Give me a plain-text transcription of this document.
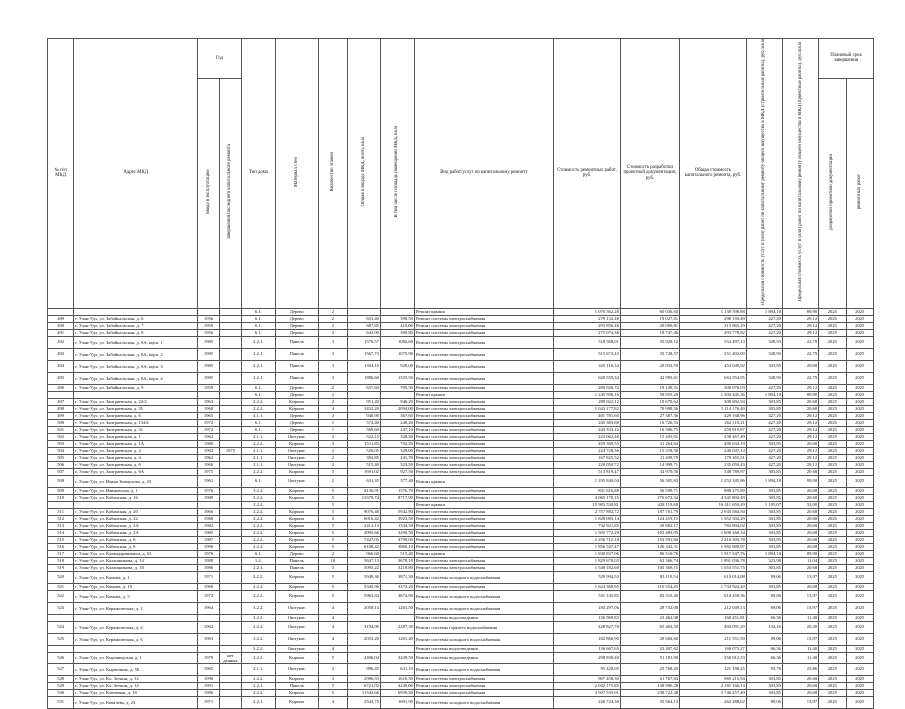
№ п/п МКД	Адрес МКД	Год		Тип дома	Материал стен	Количество этажей	Общая площадь МКД, всего, кв.м	В том числе площадь помещений МКД, кв.м	Вид работ/услуг по капитальному ремонту	Стоимость ремонтных работ, руб.	Стоимость разработки проектной документации, руб.	Общая стоимость капитального ремонта, руб.	Предельная стоимость услуг и (или) работ по капитальному ремонту общего имущества в МКД (строительные работы), руб./кв.м	Предельная стоимость услуг и (или) работ по капитальному ремонту общего имущества в МКД (проектные работы), руб./кв.м	Плановый срок завершения	
		ввода в эксплуатацию	завершения последнего капитального ремонта												разработки проектной документации	ремонтных работ
				6.1.	Дерево	2			Ремонт крыши	1 070 562,28	60 036,60	1 130 598,88	1 894,10	89,90	2025	2025
489	г. Улан-Удэ, ул. Забайкальская, д. 6	1956		6.1.	Дерево	2	653,40	398,50	Ремонт системы электроснабжения	279 132,48	19 027,01	298 159,49	427,20	29,12	2025	2025
490	г. Улан-Удэ, ул. Забайкальская, д. 7	1959		6.1.	Дерево	2	687,85	410,00	Ремонт системы электроснабжения	293 856,48	20 000,81	313 865,29	427,20	29,12	2025	2025
491	г. Улан-Удэ, ул. Забайкальская, д. 8	1956		6.1.	Дерево	2	643,90	390,80	Ремонт системы электроснабжения	275 074,36	18 747,46	293 778,82	427,20	29,12	2025	2025
492	г. Улан-Удэ, ул. Забайкальская, д. 8А, корп. 1	1985		2.2.1.	Панель	3	1576,57	1082,60	Ремонт системы электроснабжения	518 568,01	35 929,12	554 497,13	328,93	22,79	2025	2025
493	г. Улан-Удэ, ул. Забайкальская, д. 8А, корп. 2	1985		2.2.1.	Панель	3	1567,73	1075,90	Ремонт системы электроснабжения	515 673,43	35 728,57	351 402,00	328,93	22,79	2025	2025
494	г. Улан-Удэ, ул. Забайкальская, д. 8А, корп. 3	1985		2.2.1.	Панель	3	1394,10	920,00	Ремонт системы электроснабжения	425 116,34	28 933,59	454 049,92	303,85	20,68	2025	2025
495	г. Улан-Удэ, ул. Забайкальская, д. 8А, корп. 4	1985		2.2.1.	Панель	3	1886,60	1333,50	Ремонт системы электроснабжения	620 559,34	42 995,61	663 554,95	328,93	22,79	2025	2025
496	г. Улан-Удэ, ул. Забайкальская, д. 9	1959		6.1.	Дерево	2	657,60	795,50	Ремонт системы электроснабжения	280 926,72	19 149,31	300 076,03	427,20	29,12	2025	2025
				6.1.	Дерево	2			Ремонт крыши	1 245 590,16	58 855,20	1 304 445,36	1 894,10	89,90	2025	2025
497	г. Улан-Удэ, ул. Заиграевская, д. 22/2	1963		2.2.2.	Кирпич	2	951,20	946,20	Ремонт системы электроснабжения	289 022,12	19 670,62	308 692,94	303,85	20,68	2025	2025
498	г. Улан-Удэ, ул. Заиграевская, д. 35	1968		2.2.2.	Кирпич	4	3433,20	2094,00	Ремонт системы электроснабжения	1 043 177,82	70 998,56	1 114 176,40	303,85	20,68	2025	2025
499	г. Улан-Удэ, ул. Заиграевская, д. 6	1965		4.1.1.	Дерево	2	940,90	367,60	Ремонт системы электроснабжения	401 781,60	27 387,36	429 168,96	427,20	29,12	2025	2025
500	г. Улан-Удэ, ул. Заиграевская, д. 134А	1972		6.1.	Дерево	1	574,40	240,20	Ремонт системы электроснабжения	245 383,68	16 726,53	262 110,21	427,20	29,12	2025	2025
501	г. Улан-Удэ, ул. Заиграевская, д. 31	1972		6.1.	Дерево	1	569,60	247,10	Ремонт системы электроснабжения	243 333,12	16 586,75	259 919,87	427,20	29,12	2025	2025
502	г. Улан-Удэ, ул. Заиграевская, д. 1	1962		2.1.1.	Оштукат.	2	522,15	328,30	Ремонт системы электроснабжения	223 062,48	15 205,01	238 267,49	427,20	29,12	2025	2025
503	г. Улан-Удэ, ул. Заиграевская, д. 1А	1980		2.2.2.	Кирпич	3	1511,83	792,20	Ремонт системы электроснабжения	459 369,55	31 264,64	490 634,19	303,85	20,68	2025	2025
504	г. Улан-Удэ, ул. Заиграевская, д. 2	1962	1975	2.1.1.	Оштукат.	2	526,05	329,00	Ремонт системы электроснабжения	224 728,56	15 318,58	240 047,14	427,20	29,12	2025	2025
505	г. Улан-Удэ, ул. Заиграевская, д. 4	1962		2.1.1.	Оштукат.	2	392,85	241,70	Ремонт системы электроснабжения	167 825,52	11 439,79	179 265,31	427,20	29,12	2025	2025
506	г. Улан-Удэ, ул. Заиграевская, д. 6	1966		2.1.1.	Оштукат.	2	515,40	323,50	Ремонт системы электроснабжения	220 050,72	14 999,71	235 050,43	427,20	29,12	2025	2025
507	г. Улан-Удэ, ул. Заиграевская, д. 6А	1975		2.2.2.	Кирпич	3	1691,02	927,50	Ремонт системы электроснабжения	513 819,47	34 970,50	548 789,97	303,85	20,68	2025	2025
508	г. Улан-Удэ, ул. Ивана Земнухова, д. 23	1961		6.1.	Оштукат.	2	631,35	377,40	Ремонт крыши	1 195 840,04	56 505,83	1 252 345,86	1 894,10	89,90	2025	2025
509	г. Улан-Удэ, ул. Ивановская, д. 1	1976		3.2.2.	Кирпич	5	2136,91	1576,70	Ремонт системы электроснабжения	831 616,88	56 599,71	888 275,89	303,85	20,68	2025	2025
510	г. Улан-Удэ, ул. Кабанская, д. 16	1989		3.2.2.	Кирпич	5	13378,74	8717,90	Ремонт системы электроснабжения	4 065 170,15	276 672,34	4 341 802,49	303,85	20,68	2025	2025
				2.2.2.		5			Ремонт крыши	15 983 530,81	428 119,68	16 411 650,49	1 195,07	32,00	2025	2025
511	г. Улан-Удэ, ул. Кабанская, д. 20	1966		2.2.2.	Кирпич	5	9076,48	5942,80	Ремонт системы электроснабжения	2 757 882,72	187 701,79	2 945 584,50	303,85	20,68	2025	2025
512	г. Улан-Удэ, ул. Кабанская, д. 22	1968		2.2.2.	Кирпич	5	6016,42	3923,50	Ремонт системы электроснабжения	1 828 083,14	124 419,15	1 952 502,29	303,85	20,68	2025	2025
513	г. Улан-Удэ, ул. Кабанская, д. 2А	1982		2.2.2.	Кирпич	5	2412,13	1334,50	Ремонт системы электроснабжения	732 921,85	49 882,17	782 804,02	303,85	20,68	2025	2025
514	г. Улан-Удэ, ул. Кабанская, д. 2А	1985		2.2.2.	Кирпич	5	4995,66	3290,50	Ремонт системы электроснабжения	1 505 772,29	102 483,05	1 608 260,34	303,85	20,68	2025	2025
515	г. Улан-Удэ, ул. Кабанская, д. 6	1987		2.2.2.	Кирпич	5	7427,05	4790,00	Ремонт системы электроснабжения	2 256 712,18	153 591,60	2 410 303,78	303,85	20,68	2025	2025
516	г. Улан-Удэ, ул. Кабанская, д. 8	1990		2.2.2.	Кирпич	5	6108,42	3860,10	Ремонт системы электроснабжения	1 856 547,47	126 342,31	1 982 889,97	303,85	20,68	2025	2025
517	г. Улан-Удэ, ул. Каландаришвили, д. 63	1976		6.1.	Дерево	2	966,60	515,40	Ремонт крыши	1 830 837,06	86 510,76	1 917 347,76	1 894,10	89,90	2025	2025
518	г. Улан-Удэ, ул. Калашникова, д. 14	1980		1.2.	Панель	10	5647,13	3678,10	Ремонт системы электроснабжения	1 829 670,03	62 366,74	1 891 036,78	323,98	11,04	2025	2025
519	г. Улан-Удэ, ул. Калашникова, д. 18	1986		2.2.1.	Панель	5	5095,22	3218,80	Ремонт системы электроснабжения	1 548 182,60	105 369,15	1 653 551,75	303,85	20,68	2025	2025
520	г. Улан-Удэ, ул. Камова, д. 1	1971		2.2.2.	Кирпич	5	5949,36	3871,30	Ремонт системы холодного водоснабжения	529 994,53	83 119,54	613 014,08	89,06	13,97	2025	2025
521	г. Улан-Удэ, ул. Камова, д. 19	1960		2.2.2.	Кирпич	5	5345,96	3372,20	Ремонт системы электроснабжения	1 624 369,95	110 554,45	1 734 924,40	303,85	20,68	2025	2025
522	г. Улан-Удэ, ул. Камова, д. 5	1972		2.2.2.	Кирпич	5	5963,84	3674,90	Ремонт системы холодного водоснабжения	531 145,85	83 315,40	614 458,36	89,06	13,97	2025	2025
523	г. Улан-Удэ, ул. Керамическая, д. 2	1964		3.2.2.	Оштукат.	4	2058,13	1261,50	Ремонт системы холодного водоснабжения	183 297,06	28 752,08	212 049,13	89,06	13,97	2025	2025
				3.2.2.	Оштукат.	4			Ремонт системы водоотведения	136 969,83	23 462,08	160 451,81	66,36	11,40	2025	2025
524	г. Улан-Удэ, ул. Керамическая, д. 4	1962		2.2.2.	Оштукат.	4	3194,90	2287,30	Ремонт системы горячего водоснабжения	428 827,78	65 463,50	494 091,29	134,16	20,49	2025	2025
525	г. Улан-Удэ, ул. Керамическая, д. 6	1963		3.2.2.	Оштукат.	4	2033,20	1261,40	Ремонт системы холодного водоснабжения	182 866,90	28 684,60	211 551,50	89,06	13,97	2025	2025
				3.2.2.	Оштукат.	4			Ремонт системы водоотведения	136 667,65	23 407,62	160 075,27	66,36	11,40	2025	2025
526	г. Улан-Удэ, ул. Кирзаводская, д. 1	1979	нет данных	2.2.2.	Кирпич	5	4406,04	3249,50	Ремонт системы водоотведения	298 830,40	51 181,90	350 012,33	66,36	11,40	2025	2025
527	г. Улан-Удэ, ул. Кирпичная, д. 5Б	1965		2.1.1.	Оштукат.	2	996,45	631,10	Ремонт системы холодного водоснабжения	95 420,05	25 768,20	121 188,25	95,76	25,86	2025	2025
528	г. Улан-Удэ, ул. Кл. Зеткин, д. 12	1998		2.2.2.	Кирпич	3	2986,53	1610,30	Ремонт системы электроснабжения	907 458,30	61 767,64	969 215,94	303,85	20,68	2025	2025
529	г. Улан-Удэ, ул. Кл. Зеткин, д. 14	1991		2.2.1.	Панель	5	6721,02	4249,00	Ремонт системы электроснабжения	2 042 175,85	138 990,28	2 181 166,13	303,85	20,68	2025	2025
530	г. Улан-Удэ, ул. Ключевая, д. 18	1996		2.2.2.	Кирпич	5	11543,66	6939,30	Ремонт системы электроснабжения	3 507 535,01	238 722,48	3 746 257,49	303,85	20,68	2025	2025
531	г. Улан-Удэ, ул. Ковалева, д. 23	1971		2.2.1.	Кирпич	4	2543,75	1691,90	Ремонт системы холодного водоснабжения	226 724,30	35 564,13	262 288,62	89,06	13,97	2025	2025
